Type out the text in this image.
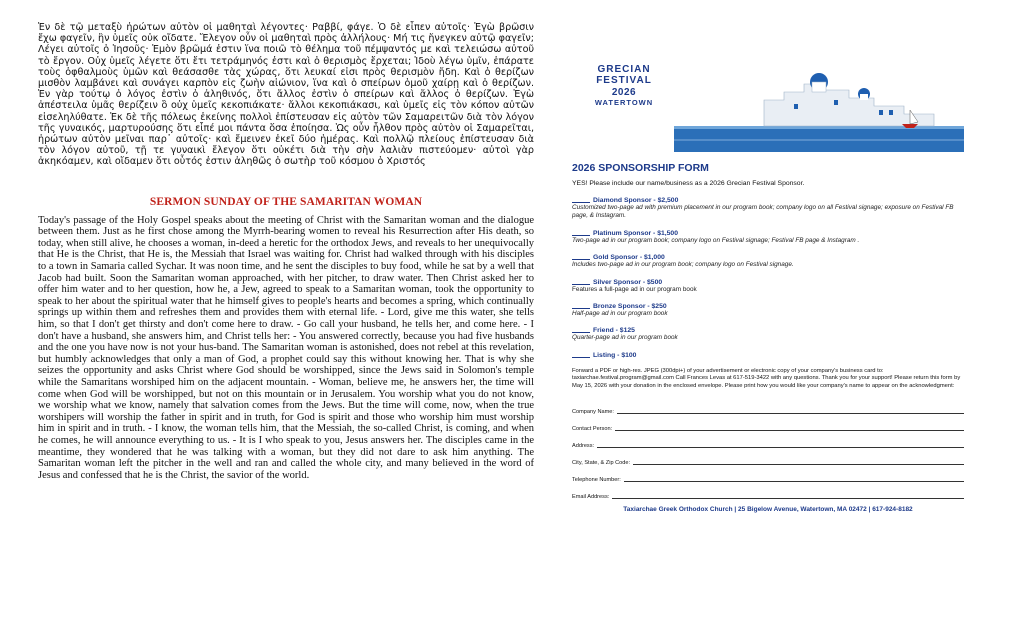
Ἐν δὲ τῷ μεταξὺ ἠρώτων αὐτὸν οἱ μαθηταὶ λέγοντες· Ραββί, φάγε. Ὁ δὲ εἶπεν αὐτοῖς· Ἐγὼ βρῶσιν ἔχω φαγεῖν, ἣν ὑμεῖς οὐκ οἴδατε. Ἔλεγον οὖν οἱ μαθηταὶ πρὸς ἀλλήλους· Μή τις ἤνεγκεν αὐτῷ φαγεῖν; Λέγει αὐτοῖς ὁ Ἰησοῦς· Ἐμὸν βρῶμά ἐστιν ἵνα ποιῶ τὸ θέλημα τοῦ πέμψαντός με καὶ τελειώσω αὐτοῦ τὸ ἔργον. Οὐχ ὑμεῖς λέγετε ὅτι ἔτι τετράμηνός ἐστι καὶ ὁ θερισμὸς ἔρχεται; Ἰδοὺ λέγω ὑμῖν, ἐπάρατε τοὺς ὀφθαλμοὺς ὑμῶν καὶ θεάσασθε τὰς χώρας, ὅτι λευκαί εἰσι πρὸς θερισμὸν ἤδη. Καὶ ὁ θερίζων μισθὸν λαμβάνει καὶ συνάγει καρπὸν εἰς ζωὴν αἰώνιον, ἵνα καὶ ὁ σπείρων ὁμοῦ χαίρῃ καὶ ὁ θερίζων. Ἐν γὰρ τούτῳ ὁ λόγος ἐστὶν ὁ ἀληθινός, ὅτι ἄλλος ἐστὶν ὁ σπείρων καὶ ἄλλος ὁ θερίζων. Ἐγὼ ἀπέστειλα ὑμᾶς θερίζειν ὃ οὐχ ὑμεῖς κεκοπιάκατε· ἄλλοι κεκοπιάκασι, καὶ ὑμεῖς εἰς τὸν κόπον αὐτῶν εἰσεληλύθατε. Ἐκ δὲ τῆς πόλεως ἐκείνης πολλοὶ ἐπίστευσαν εἰς αὐτὸν τῶν Σαμαρειτῶν διὰ τὸν λόγον τῆς γυναικός, μαρτυρούσης ὅτι εἶπέ μοι πάντα ὅσα ἐποίησα. Ὡς οὖν ἦλθον πρὸς αὐτὸν οἱ Σαμαρεῖται, ἠρώτων αὐτὸν μεῖναι παρ᾿ αὐτοῖς· καὶ ἔμεινεν ἐκεῖ δύο ἡμέρας. Καὶ πολλῷ πλείους ἐπίστευσαν διὰ τὸν λόγον αὐτοῦ, τῇ τε γυναικὶ ἔλεγον ὅτι οὐκέτι διὰ τὴν σὴν λαλιὰν πιστεύομεν· αὐτοὶ γὰρ ἀκηκόαμεν, καὶ οἴδαμεν ὅτι οὗτός ἐστιν ἀληθῶς ὁ σωτὴρ τοῦ κόσμου ὁ Χριστός

SERMON SUNDAY OF THE SAMARITAN WOMAN

Today's passage of the Holy Gospel speaks about the meeting of Christ with the Samaritan woman and the dialogue between them. Just as he first chose among the Myrrh-bearing women to reveal his Resurrection after His death, so today, when still alive, he chooses a woman, in-deed a heretic for the orthodox Jews, and reveals to her unequivocally that He is the Christ, that He is, the Messiah that Israel was waiting for. Christ had walked through with his disciples to a town in Samaria called Sychar. It was noon time, and he sent the disciples to buy food, while he sat by a well that Jacob had built. Soon the Samaritan woman approached, with her pitcher, to draw water. Then Christ asked her to offer him water and to her question, how he, a Jew, agreed to speak to a Samaritan woman, took the opportunity to speak to her about the spiritual water that he himself gives to people's hearts and becomes a spring, which continually springs up within them and refreshes them and provides them with eternal life. - Lord, give me this water, she tells him, so that I don't get thirsty and don't come here to draw. - Go call your husband, he tells her, and come here. - I don't have a husband, she answers him, and Christ tells her: - You answered correctly, because you had five husbands and the one you have now is not your hus-band. The Samaritan woman is astonished, does not rebel at this revelation, but humbly acknowledges that only a man of God, a prophet could say this without knowing her. That is why she seizes the opportunity and asks Christ where God should be worshipped, since the Jews said in Solomon's temple while the Samaritans worshiped him on the adjacent mountain. - Woman, believe me, he answers her, the time will come when God will be worshipped, but not on this mountain or in Jerusalem. You worship what you do not know, we worship what we know, namely that salvation comes from the Jews. But the time will come, now, when the true worshipers will worship the father in spirit and in truth, for God is spirit and those who worship him must worship him in spirit and in truth. - I know, the woman tells him, that the Messiah, the so-called Christ, is coming, and when he comes, he will announce everything to us. - It is I who speak to you, Jesus answers her. The disciples came in the meantime, they wondered that he was talking with a woman, but they did not dare to ask him anything. The Samaritan woman left the pitcher in the well and ran and called the whole city, and many believed in the word of Jesus and confessed that he is the Christ, the savior of the world.

GRECIAN
FESTIVAL
2026
WATERTOWN
2026 SPONSORSHIP FORM
YES! Please include our name/business as a 2026 Grecian Festival Sponsor.
Diamond Sponsor - $2,500
Customized two-page ad with premium placement in our program book; company logo on all Festival signage; exposure on Festival FB page, & Instagram.
Platinum Sponsor - $1,500
Two-page ad in our program book; company logo on Festival signage; Festival FB page & Instagram .
Gold Sponsor - $1,000
Includes two-page ad in our program book; company logo on Festival signage.
Silver Sponsor - $500
Features a full-page ad in our program book
Bronze Sponsor - $250
Half-page ad in our program book
Friend - $125
Quarter-page ad in our program book
Listing - $100
Forward a PDF or high-res. JPEG (300dpi+) of your advertisement or electronic copy of your company's business card to: taxiarchae.festival.program@gmail.com Call Frances Levas at 617-519-3422 with any questions. Thank you for your support! Please return this form by May 15, 2026 with your donation in the enclosed envelope. Please print how you would like your company's name to appear on the acknowledgment:
Company Name:
Contact Person:
Address:
City, State, & Zip Code:
Telephone Number:
Email Address:
Taxiarchae Greek Orthodox Church | 25 Bigelow Avenue, Watertown, MA 02472 | 617-924-8182
